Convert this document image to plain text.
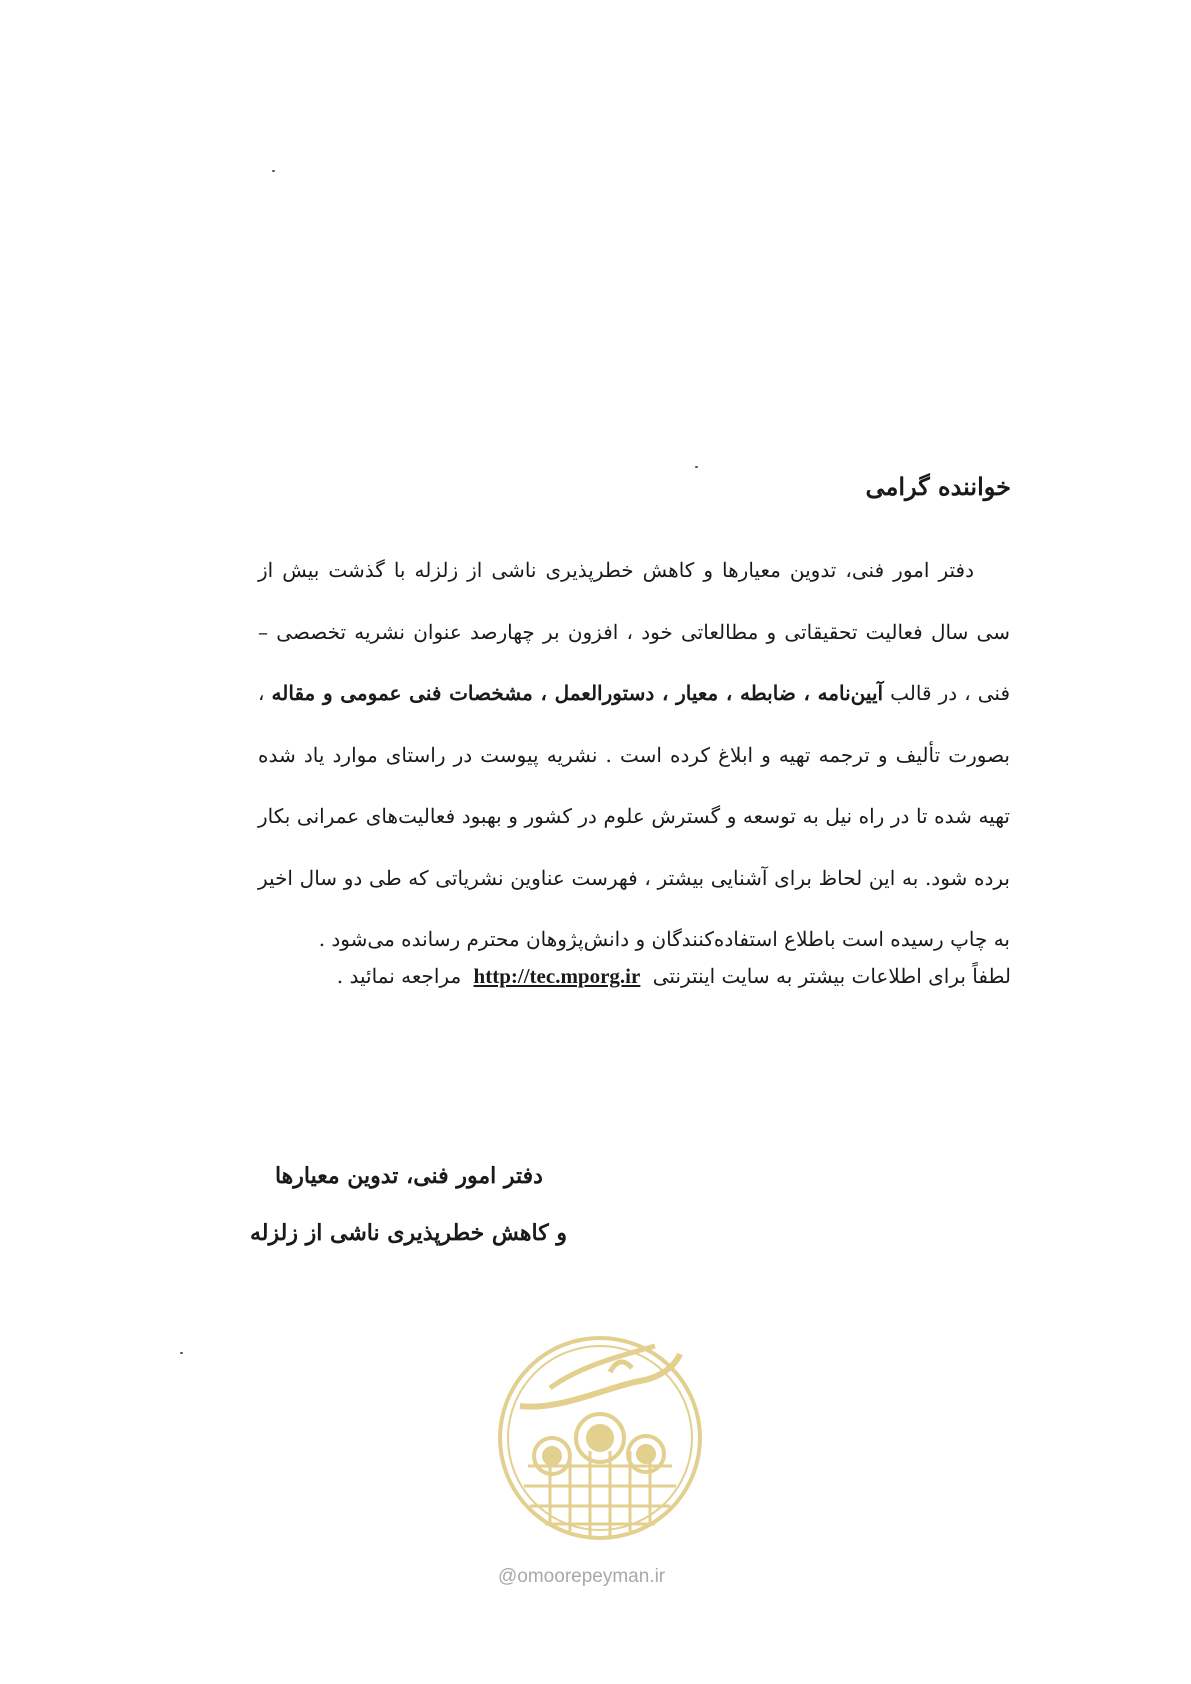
خواننده گرامی

دفتر امور فنی، تدوین معیارها و کاهش خطرپذیری ناشی از زلزله با گذشت بیش از سی سال فعالیت تحقیقاتی و مطالعاتی خود ، افزون بر چهارصد عنوان نشریه تخصصی – فنی ، در قالب آیین‌نامه ، ضابطه ، معیار ، دستورالعمل ، مشخصات فنی عمومی و مقاله ، بصورت تألیف و ترجمه تهیه و ابلاغ کرده است . نشریه پیوست در راستای موارد یاد شده تهیه شده تا در راه نیل به توسعه و گسترش علوم در کشور و بهبود فعالیت‌های عمرانی بکار برده شود. به این لحاظ برای آشنایی بیشتر ، فهرست عناوین نشریاتی که طی دو سال اخیر به چاپ رسیده است باطلاع استفاده‌کنندگان و دانش‌پژوهان محترم رسانده می‌شود .

لطفاً برای اطلاعات بیشتر به سایت اینترنتی http://tec.mporg.ir مراجعه نمائید .
دفتر امور فنی، تدوین معیارها
و کاهش خطرپذیری ناشی از زلزله
@omoorepeyman.ir
